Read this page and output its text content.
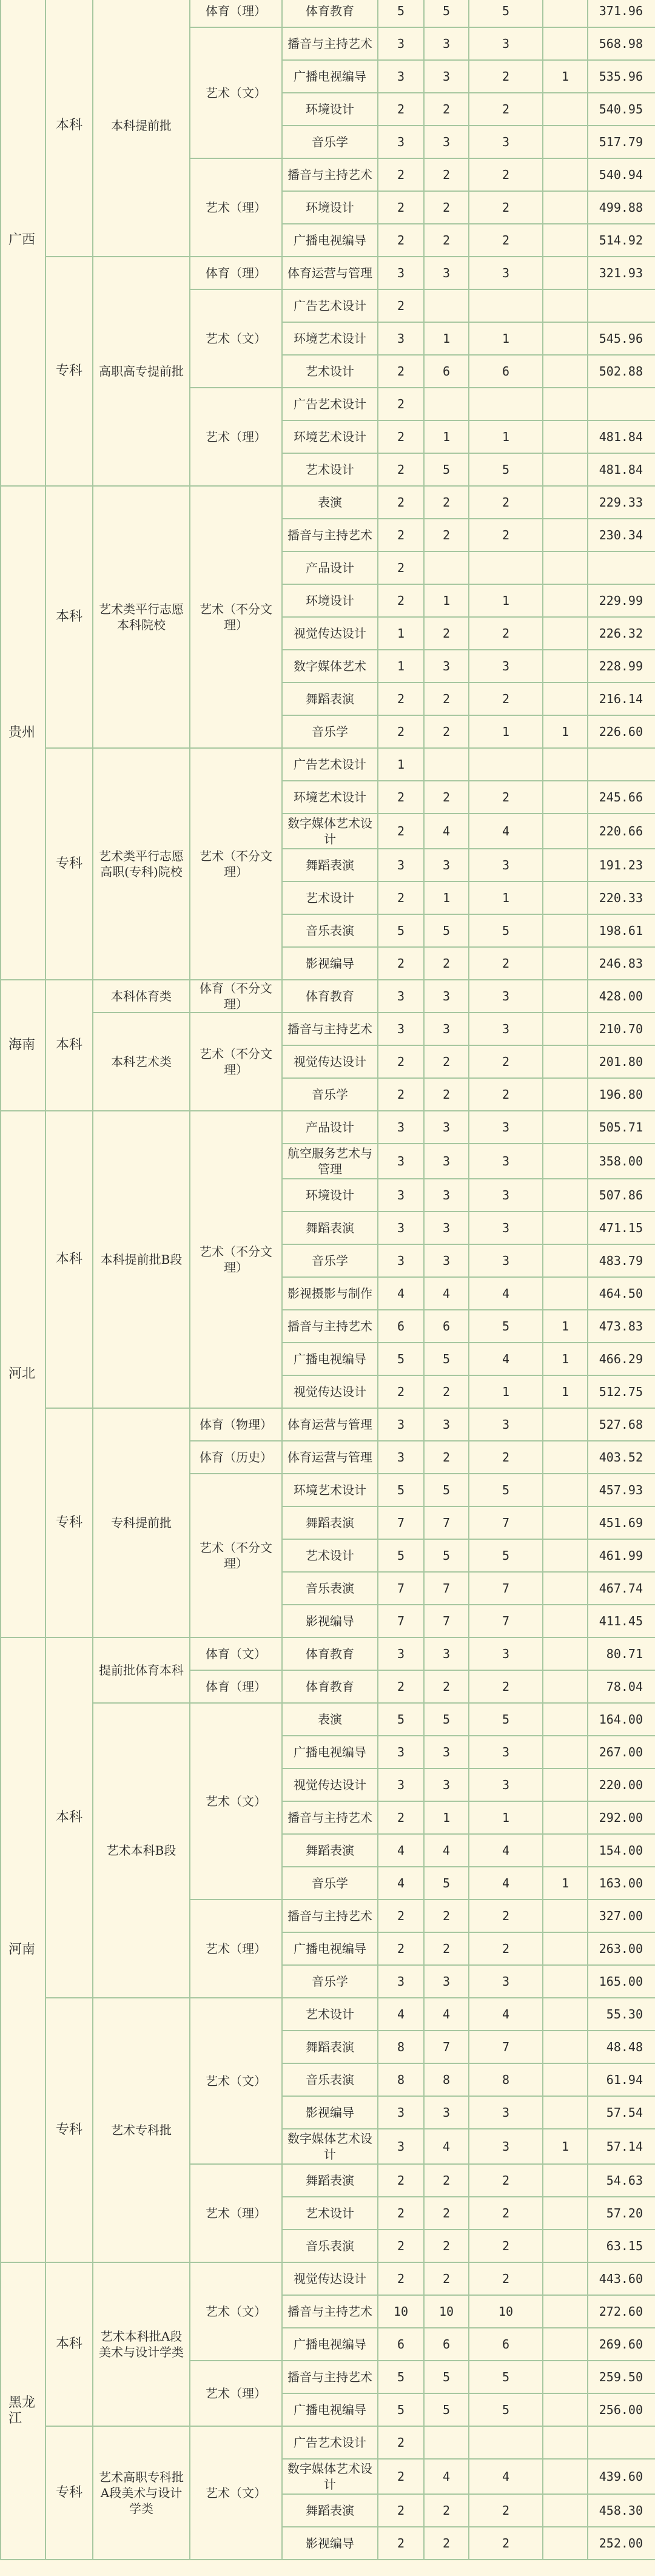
广西	本科	本科提前批	体育（理）	体育教育	5	5	5		371.96
			艺术（文）	播音与主持艺术	3	3	3		568.98
				广播电视编导	3	3	2	1	535.96
				环境设计	2	2	2		540.95
				音乐学	3	3	3		517.79
			艺术（理）	播音与主持艺术	2	2	2		540.94
				环境设计	2	2	2		499.88
				广播电视编导	2	2	2		514.92
	专科	高职高专提前批	体育（理）	体育运营与管理	3	3	3		321.93
			艺术（文）	广告艺术设计	2				
				环境艺术设计	3	1	1		545.96
				艺术设计	2	6	6		502.88
			艺术（理）	广告艺术设计	2				
				环境艺术设计	2	1	1		481.84
				艺术设计	2	5	5		481.84
贵州	本科	艺术类平行志愿本科院校	艺术（不分文理）	表演	2	2	2		229.33
				播音与主持艺术	2	2	2		230.34
				产品设计	2				
				环境设计	2	1	1		229.99
				视觉传达设计	1	2	2		226.32
				数字媒体艺术	1	3	3		228.99
				舞蹈表演	2	2	2		216.14
				音乐学	2	2	1	1	226.60
	专科	艺术类平行志愿高职(专科)院校	艺术（不分文理）	广告艺术设计	1				
				环境艺术设计	2	2	2		245.66
				数字媒体艺术设计	2	4	4		220.66
				舞蹈表演	3	3	3		191.23
				艺术设计	2	1	1		220.33
				音乐表演	5	5	5		198.61
				影视编导	2	2	2		246.83
海南	本科	本科体育类	体育（不分文理）	体育教育	3	3	3		428.00
		本科艺术类	艺术（不分文理）	播音与主持艺术	3	3	3		210.70
				视觉传达设计	2	2	2		201.80
				音乐学	2	2	2		196.80
河北	本科	本科提前批B段	艺术（不分文理）	产品设计	3	3	3		505.71
				航空服务艺术与管理	3	3	3		358.00
				环境设计	3	3	3		507.86
				舞蹈表演	3	3	3		471.15
				音乐学	3	3	3		483.79
				影视摄影与制作	4	4	4		464.50
				播音与主持艺术	6	6	5	1	473.83
				广播电视编导	5	5	4	1	466.29
				视觉传达设计	2	2	1	1	512.75
	专科	专科提前批	体育（物理）	体育运营与管理	3	3	3		527.68
			体育（历史）	体育运营与管理	3	2	2		403.52
			艺术（不分文理）	环境艺术设计	5	5	5		457.93
				舞蹈表演	7	7	7		451.69
				艺术设计	5	5	5		461.99
				音乐表演	7	7	7		467.74
				影视编导	7	7	7		411.45
河南	本科	提前批体育本科	体育（文）	体育教育	3	3	3		80.71
			体育（理）	体育教育	2	2	2		78.04
		艺术本科B段	艺术（文）	表演	5	5	5		164.00
				广播电视编导	3	3	3		267.00
				视觉传达设计	3	3	3		220.00
				播音与主持艺术	2	1	1		292.00
				舞蹈表演	4	4	4		154.00
				音乐学	4	5	4	1	163.00
			艺术（理）	播音与主持艺术	2	2	2		327.00
				广播电视编导	2	2	2		263.00
				音乐学	3	3	3		165.00
	专科	艺术专科批	艺术（文）	艺术设计	4	4	4		55.30
				舞蹈表演	8	7	7		48.48
				音乐表演	8	8	8		61.94
				影视编导	3	3	3		57.54
				数字媒体艺术设计	3	4	3	1	57.14
			艺术（理）	舞蹈表演	2	2	2		54.63
				艺术设计	2	2	2		57.20
				音乐表演	2	2	2		63.15
黑龙江	本科	艺术本科批A段美术与设计学类	艺术（文）	视觉传达设计	2	2	2		443.60
				播音与主持艺术	10	10	10		272.60
				广播电视编导	6	6	6		269.60
			艺术（理）	播音与主持艺术	5	5	5		259.50
				广播电视编导	5	5	5		256.00
	专科	艺术高职专科批A段美术与设计学类	艺术（文）	广告艺术设计	2				
				数字媒体艺术设计	2	4	4		439.60
				舞蹈表演	2	2	2		458.30
				影视编导	2	2	2		252.00
